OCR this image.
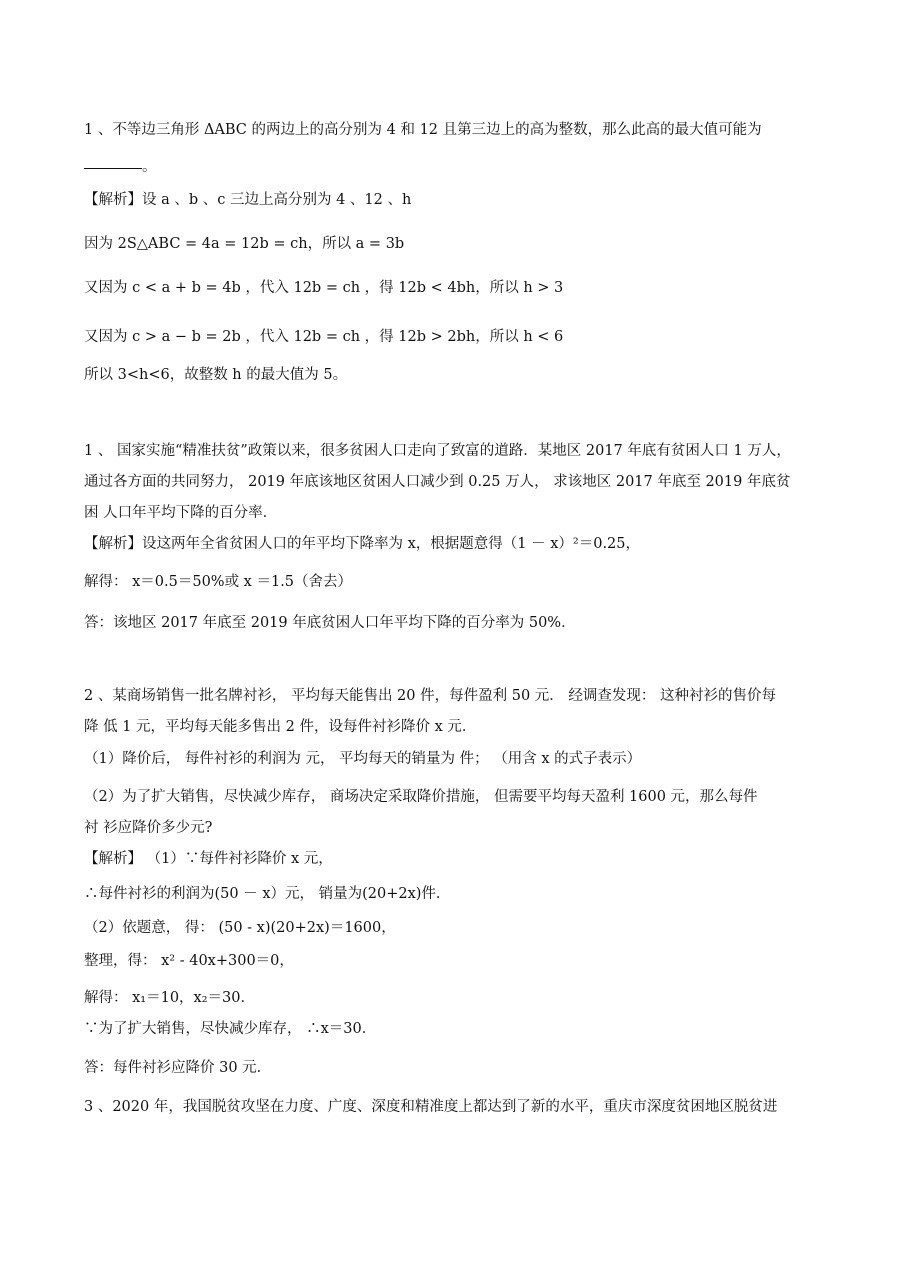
1 、不等边三角形 ΔABC 的两边上的高分别为 4 和 12 且第三边上的高为整数，那么此高的最大值可能为
。
【解析】设 a 、b 、c 三边上高分别为 4 、12 、h
因为 2S△ABC = 4a = 12b = ch，所以 a = 3b
又因为 c < a + b = 4b ，代入 12b = ch ，得 12b < 4bh，所以 h > 3
又因为 c > a − b = 2b ，代入 12b = ch ，得 12b > 2bh，所以 h < 6
所以 3<h<6，故整数 h 的最大值为 5。
1 、 国家实施“精准扶贫”政策以来，很多贫困人口走向了致富的道路．某地区 2017 年底有贫困人口 1 万人，
通过各方面的共同努力， 2019 年底该地区贫困人口减少到 0.25 万人， 求该地区 2017 年底至 2019 年底贫
困 人口年平均下降的百分率．
【解析】设这两年全省贫困人口的年平均下降率为 x，根据题意得（1 － x）²＝0.25，
解得： x＝0.5＝50%或 x ＝1.5（舍去）
答：该地区 2017 年底至 2019 年底贫困人口年平均下降的百分率为 50%．
2 、某商场销售一批名牌衬衫， 平均每天能售出 20 件，每件盈利 50 元． 经调查发现： 这种衬衫的售价每
降 低 1 元，平均每天能多售出 2 件，设每件衬衫降价 x 元．
（1）降价后， 每件衬衫的利润为 元， 平均每天的销量为 件； （用含 x 的式子表示）
（2）为了扩大销售，尽快减少库存， 商场决定采取降价措施， 但需要平均每天盈利 1600 元，那么每件
衬 衫应降价多少元?
【解析】 （1）∵每件衬衫降价 x 元，
∴每件衬衫的利润为(50 － x）元， 销量为(20+2x)件．
（2）依题意， 得： (50 - x)(20+2x)＝1600，
整理，得： x² - 40x+300＝0，
解得： x₁＝10，x₂＝30．
∵为了扩大销售，尽快减少库存， ∴x＝30．
答：每件衬衫应降价 30 元．
3 、2020 年，我国脱贫攻坚在力度、广度、深度和精准度上都达到了新的水平，重庆市深度贫困地区脱贫进
